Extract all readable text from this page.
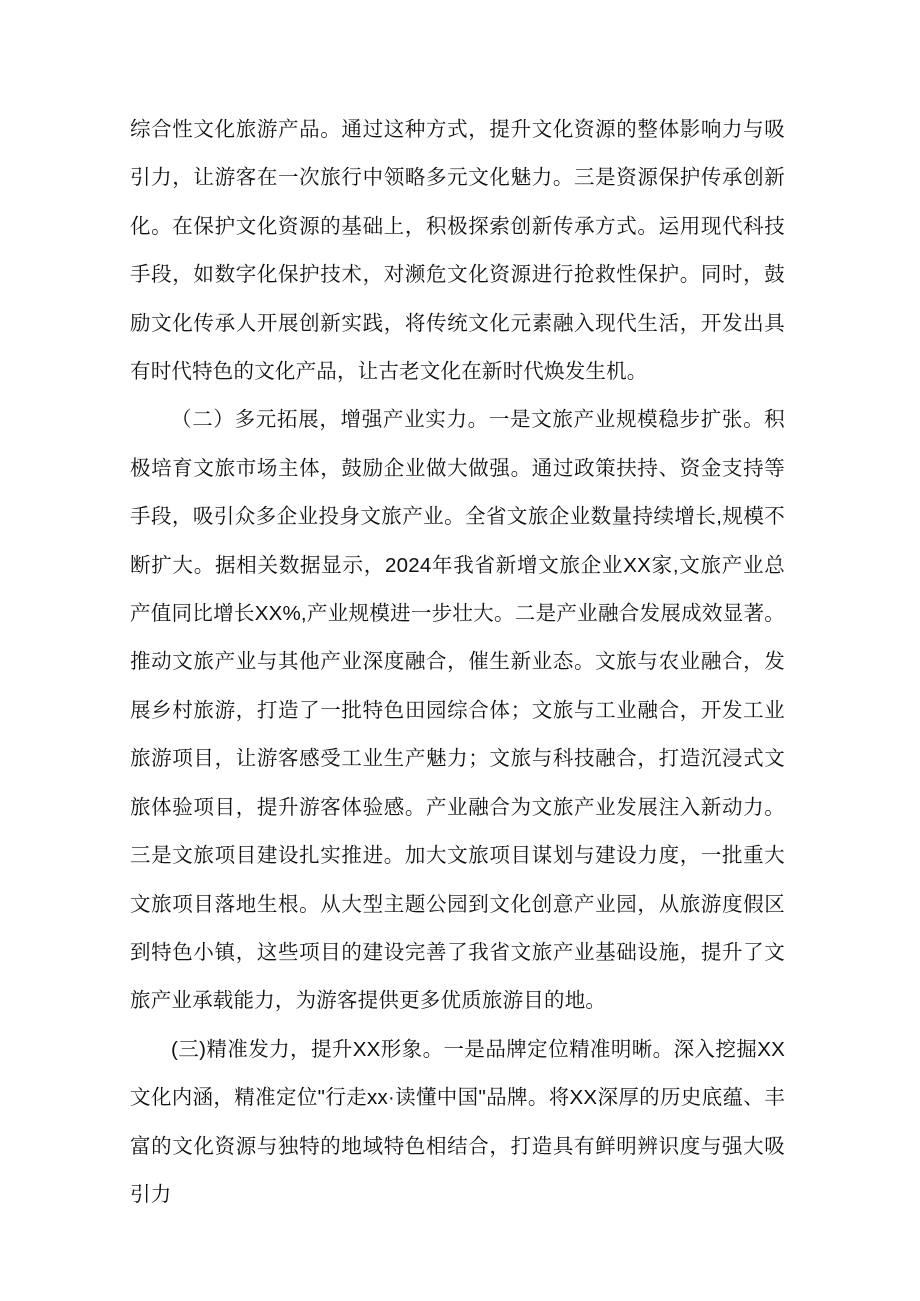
综合性文化旅游产品。通过这种方式，提升文化资源的整体影响力与吸引力，让游客在一次旅行中领略多元文化魅力。三是资源保护传承创新化。在保护文化资源的基础上，积极探索创新传承方式。运用现代科技手段，如数字化保护技术，对濒危文化资源进行抢救性保护。同时，鼓励文化传承人开展创新实践，将传统文化元素融入现代生活，开发出具有时代特色的文化产品，让古老文化在新时代焕发生机。

（二）多元拓展，增强产业实力。一是文旅产业规模稳步扩张。积极培育文旅市场主体，鼓励企业做大做强。通过政策扶持、资金支持等手段，吸引众多企业投身文旅产业。全省文旅企业数量持续增长,规模不断扩大。据相关数据显示，2024年我省新增文旅企业XX家,文旅产业总产值同比增长XX%,产业规模进一步壮大。二是产业融合发展成效显著。推动文旅产业与其他产业深度融合，催生新业态。文旅与农业融合，发展乡村旅游，打造了一批特色田园综合体；文旅与工业融合，开发工业旅游项目，让游客感受工业生产魅力；文旅与科技融合，打造沉浸式文旅体验项目，提升游客体验感。产业融合为文旅产业发展注入新动力。三是文旅项目建设扎实推进。加大文旅项目谋划与建设力度，一批重大文旅项目落地生根。从大型主题公园到文化创意产业园，从旅游度假区到特色小镇，这些项目的建设完善了我省文旅产业基础设施，提升了文旅产业承载能力，为游客提供更多优质旅游目的地。

(三)精准发力，提升XX形象。一是品牌定位精准明晰。深入挖掘XX文化内涵，精准定位"行走xx·读懂中国"品牌。将XX深厚的历史底蕴、丰富的文化资源与独特的地域特色相结合，打造具有鲜明辨识度与强大吸引力
